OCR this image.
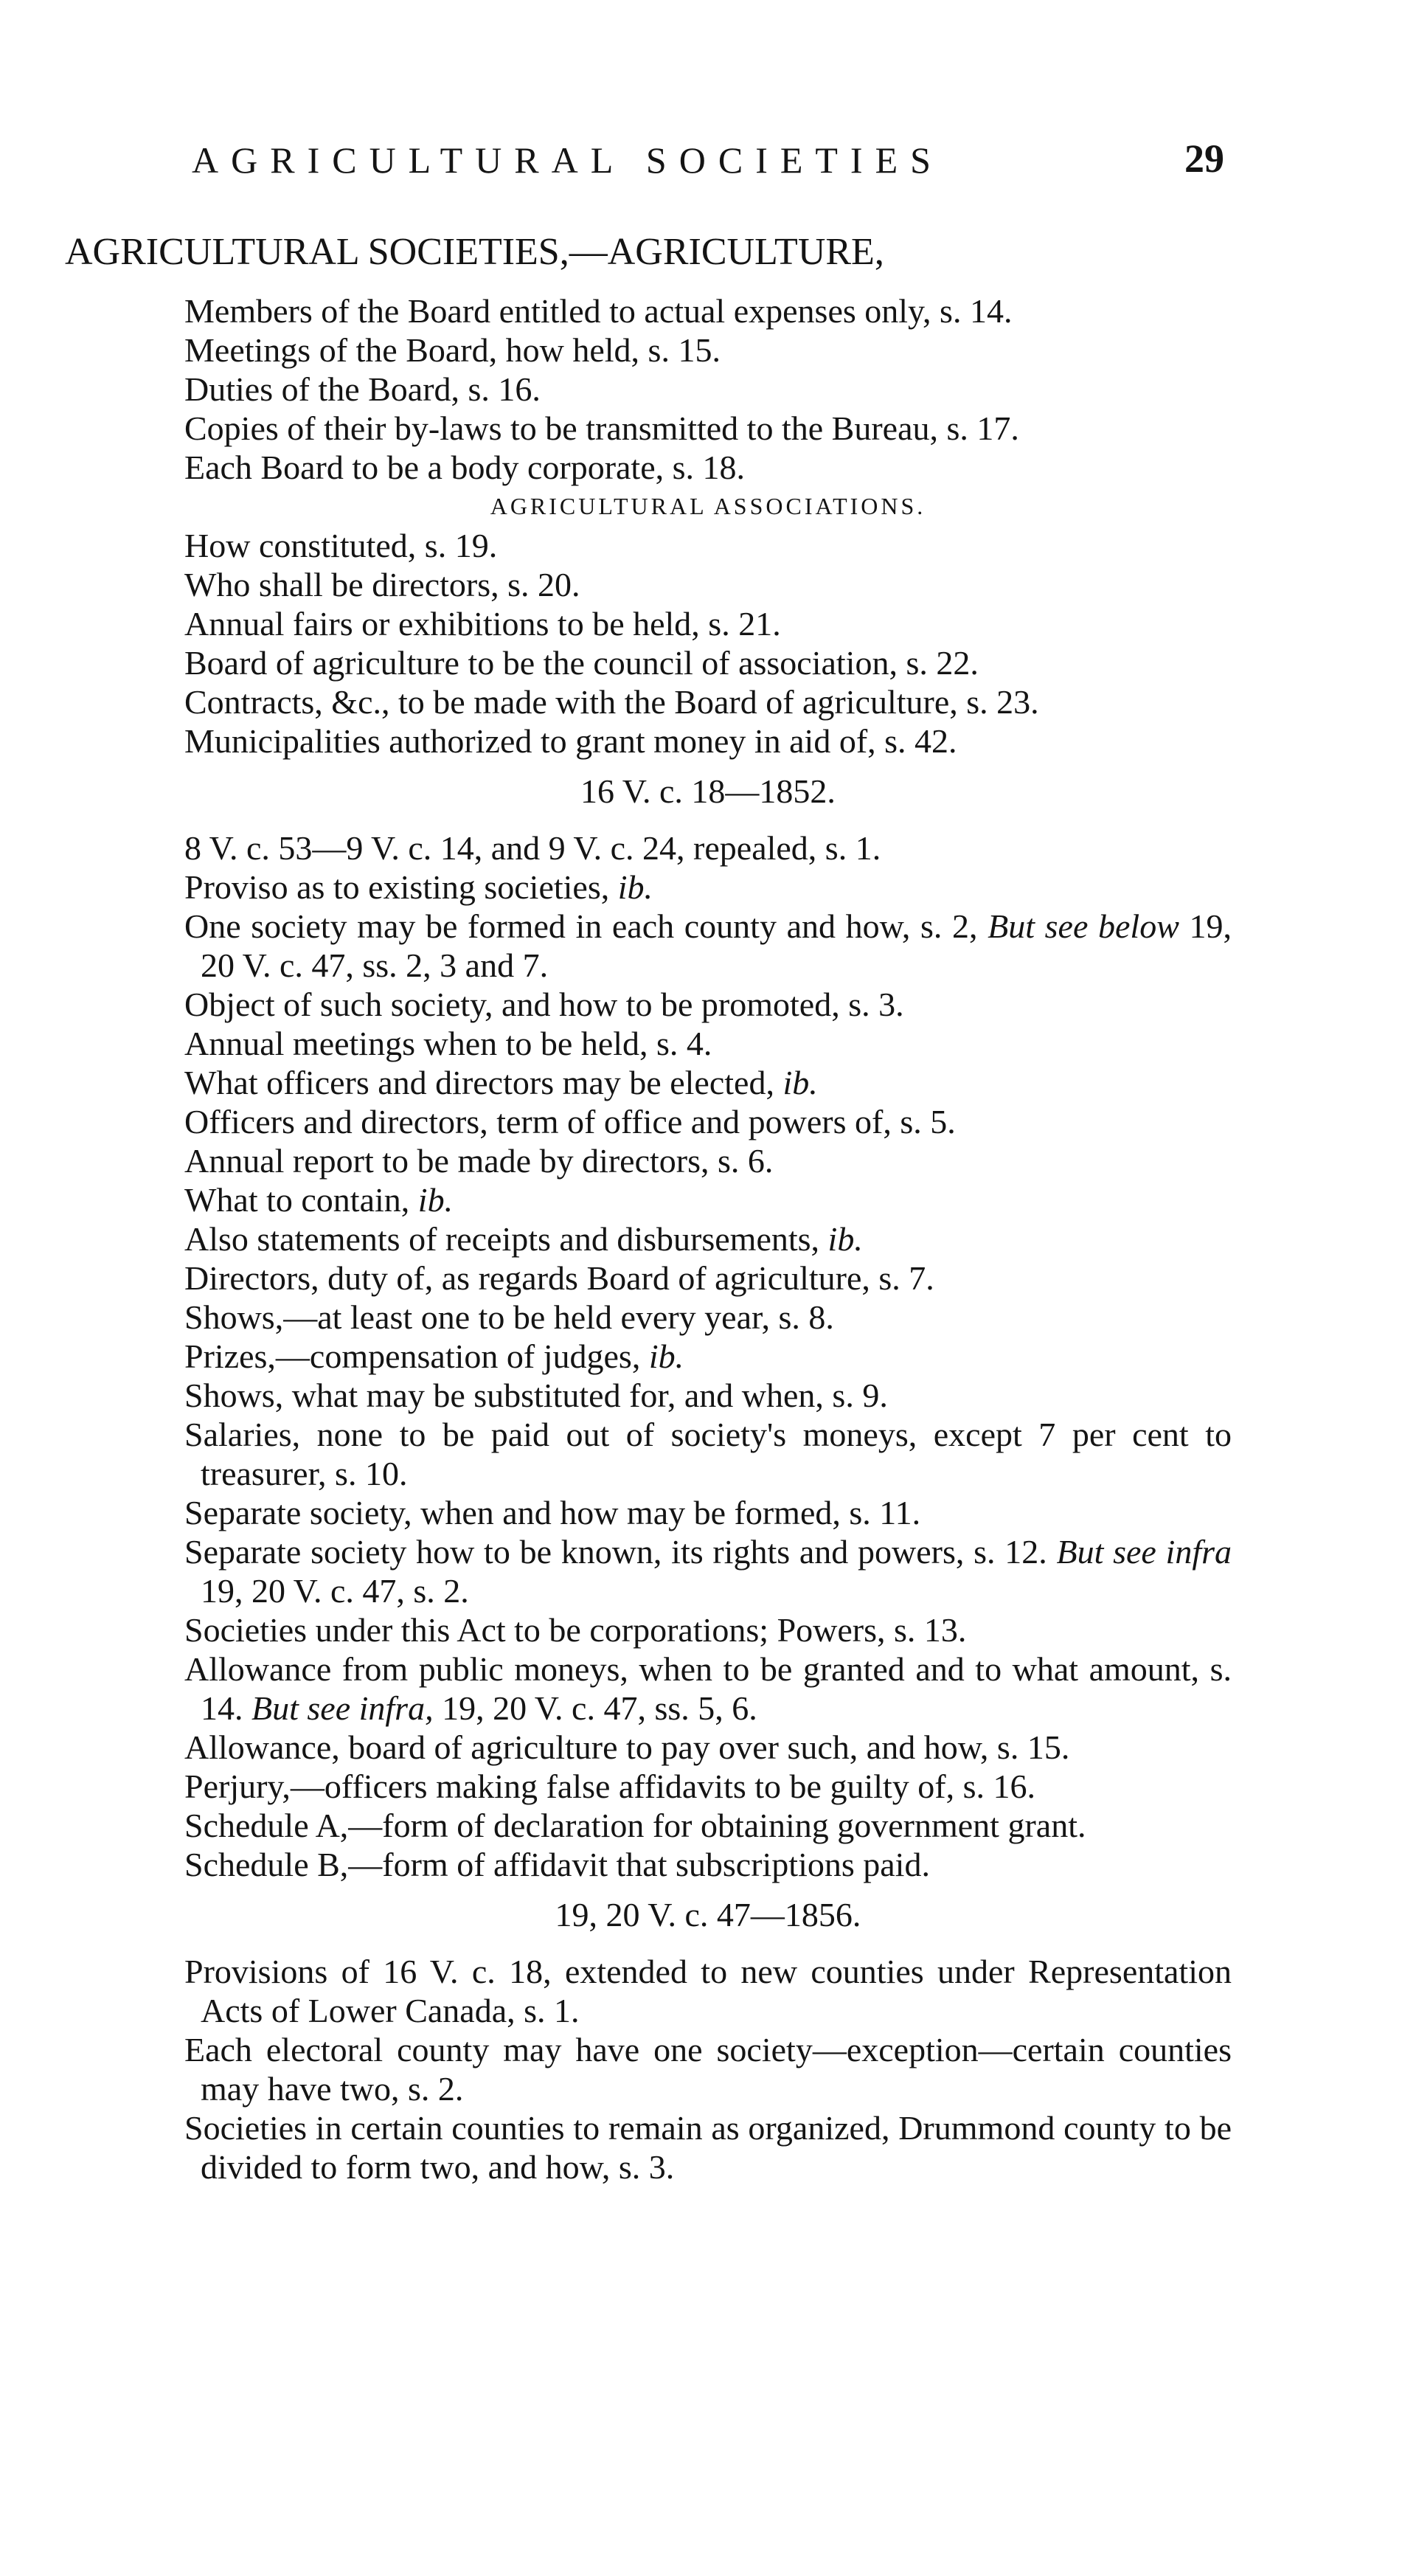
AGRICULTURAL SOCIETIES	29
AGRICULTURAL SOCIETIES,—AGRICULTURE,

Members of the Board entitled to actual expenses only, s. 14.

Meetings of the Board, how held, s. 15.

Duties of the Board, s. 16.

Copies of their by-laws to be transmitted to the Bureau, s. 17.

Each Board to be a body corporate, s. 18.

AGRICULTURAL ASSOCIATIONS.

How constituted, s. 19.

Who shall be directors, s. 20.

Annual fairs or exhibitions to be held, s. 21.

Board of agriculture to be the council of association, s. 22.

Contracts, &c., to be made with the Board of agriculture, s. 23.

Municipalities authorized to grant money in aid of, s. 42.

16 V. c. 18—1852.

8 V. c. 53—9 V. c. 14, and 9 V. c. 24, repealed, s. 1.

Proviso as to existing societies, ib.

One society may be formed in each county and how, s. 2, But see below 19, 20 V. c. 47, ss. 2, 3 and 7.

Object of such society, and how to be promoted, s. 3.

Annual meetings when to be held, s. 4.

What officers and directors may be elected, ib.

Officers and directors, term of office and powers of, s. 5.

Annual report to be made by directors, s. 6.

What to contain, ib.

Also statements of receipts and disbursements, ib.

Directors, duty of, as regards Board of agriculture, s. 7.

Shows,—at least one to be held every year, s. 8.

Prizes,—compensation of judges, ib.

Shows, what may be substituted for, and when, s. 9.

Salaries, none to be paid out of society's moneys, except 7 per cent to treasurer, s. 10.

Separate society, when and how may be formed, s. 11.

Separate society how to be known, its rights and powers, s. 12. But see infra 19, 20 V. c. 47, s. 2.

Societies under this Act to be corporations; Powers, s. 13.

Allowance from public moneys, when to be granted and to what amount, s. 14. But see infra, 19, 20 V. c. 47, ss. 5, 6.

Allowance, board of agriculture to pay over such, and how, s. 15.

Perjury,—officers making false affidavits to be guilty of, s. 16.

Schedule A,—form of declaration for obtaining government grant.

Schedule B,—form of affidavit that subscriptions paid.

19, 20 V. c. 47—1856.

Provisions of 16 V. c. 18, extended to new counties under Representation Acts of Lower Canada, s. 1.

Each electoral county may have one society—exception—certain counties may have two, s. 2.

Societies in certain counties to remain as organized, Drummond county to be divided to form two, and how, s. 3.
